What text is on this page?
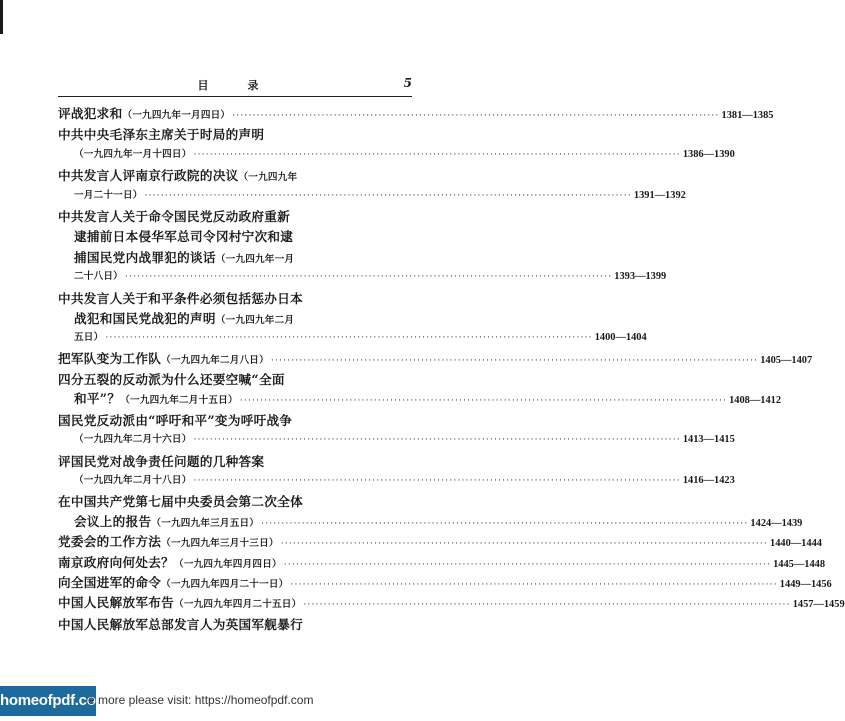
目　录	5
评战犯求和 （一九四九年一月四日） ························································································································ 1381—1385
中共中央毛泽东主席关于时局的声明
（一九四九年一月十四日） ························································································································ 1386—1390
中共发言人评南京行政院的决议（一九四九年
一月二十一日） ························································································································ 1391—1392
中共发言人关于命令国民党反动政府重新
逮捕前日本侵华军总司令冈村宁次和逮
捕国民党内战罪犯的谈话（一九四九年一月
二十八日） ························································································································ 1393—1399
中共发言人关于和平条件必须包括惩办日本
战犯和国民党战犯的声明（一九四九年二月
五日） ························································································································ 1400—1404
把军队变为工作队 （一九四九年二月八日） ························································································································ 1405—1407
四分五裂的反动派为什么还要空喊“全面
和平”？ （一九四九年二月十五日） ························································································································ 1408—1412
国民党反动派由“呼吁和平”变为呼吁战争
（一九四九年二月十六日） ························································································································ 1413—1415
评国民党对战争责任问题的几种答案
（一九四九年二月十八日） ························································································································ 1416—1423
在中国共产党第七届中央委员会第二次全体
会议上的报告 （一九四九年三月五日） ························································································································ 1424—1439
党委会的工作方法 （一九四九年三月十三日） ························································································································ 1440—1444
南京政府向何处去？ （一九四九年四月四日） ························································································································ 1445—1448
向全国进军的命令 （一九四九年四月二十一日） ························································································································ 1449—1456
中国人民解放军布告 （一九四九年四月二十五日） ························································································································ 1457—1459
中国人民解放军总部发言人为英国军舰暴行
homeofpdf.com
e more please visit: https://homeofpdf.com
